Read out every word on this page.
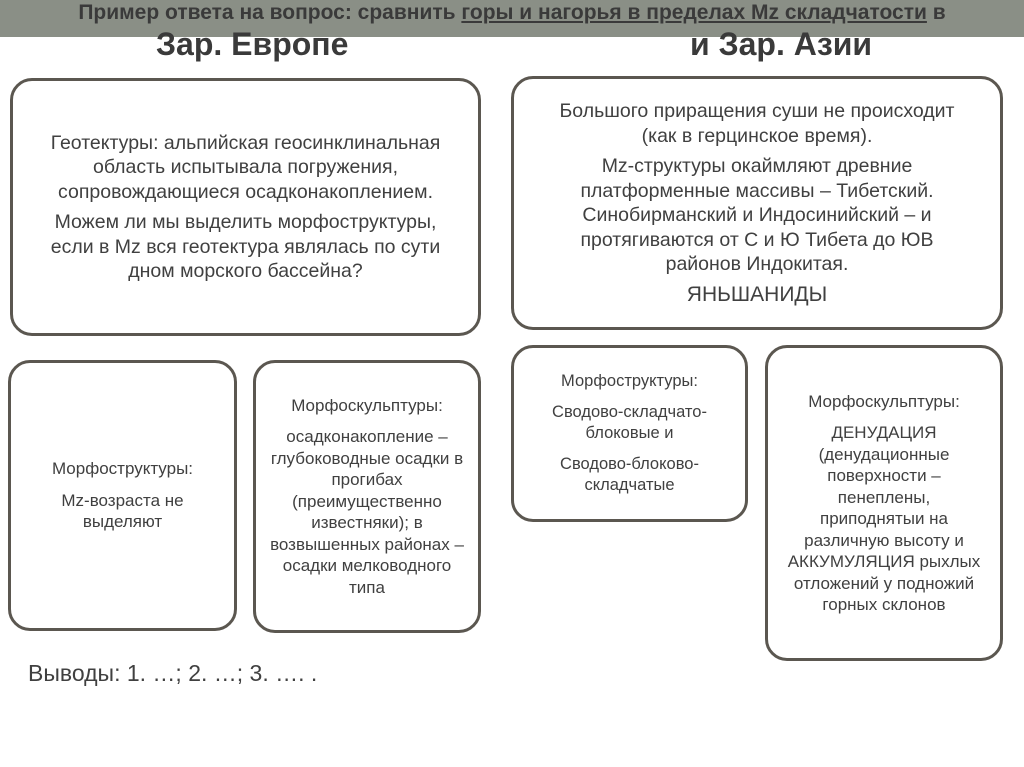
Пример ответа на вопрос: сравнить горы и нагорья в пределах Mz складчатости в
Зар. Европе	и Зар. Азии

Геотектуры: альпийская геосинклинальная область испытывала погружения, сопровождающиеся осадконакоплением.

Можем ли мы выделить морфоструктуры, если в Mz вся геотектура являлась по сути дном морского бассейна?

Большого приращения суши не происходит (как в герцинское время).

Mz-структуры окаймляют древние платформенные массивы – Тибетский. Синобирманский и Индосинийский – и протягиваются от С и Ю Тибета до ЮВ районов Индокитая.

ЯНЬШАНИДЫ

Морфоструктуры:

Mz-возраста не выделяют

Морфоскульптуры:

осадконакопление – глубоководные осадки в прогибах (преимущественно известняки); в возвышенных районах – осадки мелководного типа

Морфоструктуры:

Сводово-складчато-блоковые и

Сводово-блоково-складчатые

Морфоскульптуры:

ДЕНУДАЦИЯ (денудационные поверхности – пенеплены, приподнятыи на различную высоту и АККУМУЛЯЦИЯ рыхлых отложений у подножий горных склонов

Выводы: 1. …; 2. …; 3. …. .
